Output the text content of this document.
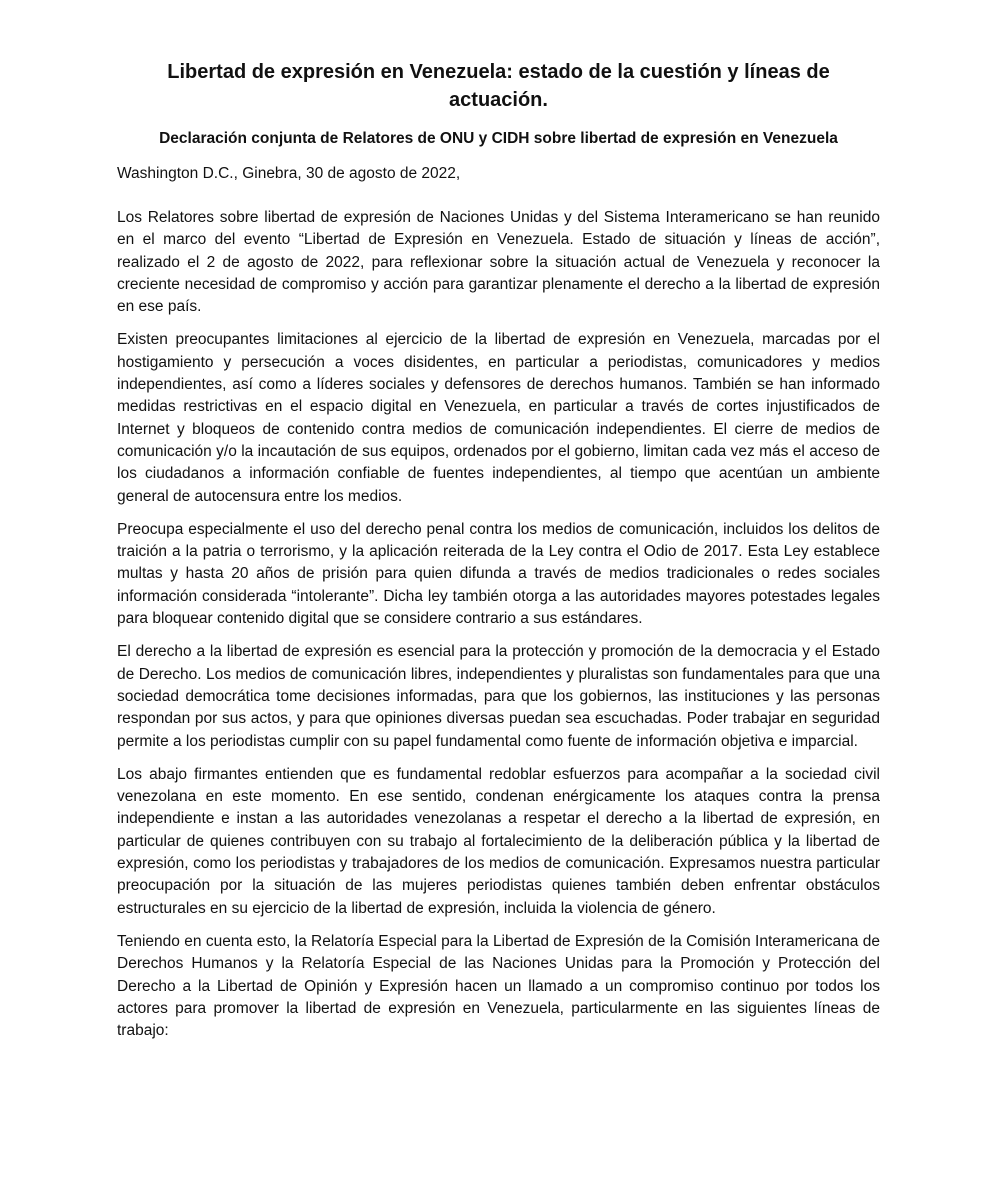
Libertad de expresión en Venezuela: estado de la cuestión y líneas de actuación.
Declaración conjunta de Relatores de ONU y CIDH sobre libertad de expresión en Venezuela

Washington D.C., Ginebra, 30 de agosto de 2022,

Los Relatores sobre libertad de expresión de Naciones Unidas y del Sistema Interamericano se han reunido en el marco del evento “Libertad de Expresión en Venezuela. Estado de situación y líneas de acción”, realizado el 2 de agosto de 2022, para reflexionar sobre la situación actual de Venezuela y reconocer la creciente necesidad de compromiso y acción para garantizar plenamente el derecho a la libertad de expresión en ese país.

Existen preocupantes limitaciones al ejercicio de la libertad de expresión en Venezuela, marcadas por el hostigamiento y persecución a voces disidentes, en particular a periodistas, comunicadores y medios independientes, así como a líderes sociales y defensores de derechos humanos. También se han informado medidas restrictivas en el espacio digital en Venezuela, en particular a través de cortes injustificados de Internet y bloqueos de contenido contra medios de comunicación independientes. El cierre de medios de comunicación y/o la incautación de sus equipos, ordenados por el gobierno, limitan cada vez más el acceso de los ciudadanos a información confiable de fuentes independientes, al tiempo que acentúan un ambiente general de autocensura entre los medios.

Preocupa especialmente el uso del derecho penal contra los medios de comunicación, incluidos los delitos de traición a la patria o terrorismo, y la aplicación reiterada de la Ley contra el Odio de 2017. Esta Ley establece multas y hasta 20 años de prisión para quien difunda a través de medios tradicionales o redes sociales información considerada “intolerante”. Dicha ley también otorga a las autoridades mayores potestades legales para bloquear contenido digital que se considere contrario a sus estándares.

El derecho a la libertad de expresión es esencial para la protección y promoción de la democracia y el Estado de Derecho. Los medios de comunicación libres, independientes y pluralistas son fundamentales para que una sociedad democrática tome decisiones informadas, para que los gobiernos, las instituciones y las personas respondan por sus actos, y para que opiniones diversas puedan sea escuchadas. Poder trabajar en seguridad permite a los periodistas cumplir con su papel fundamental como fuente de información objetiva e imparcial.

Los abajo firmantes entienden que es fundamental redoblar esfuerzos para acompañar a la sociedad civil venezolana en este momento. En ese sentido, condenan enérgicamente los ataques contra la prensa independiente e instan a las autoridades venezolanas a respetar el derecho a la libertad de expresión, en particular de quienes contribuyen con su trabajo al fortalecimiento de la deliberación pública y la libertad de expresión, como los periodistas y trabajadores de los medios de comunicación. Expresamos nuestra particular preocupación por la situación de las mujeres periodistas quienes también deben enfrentar obstáculos estructurales en su ejercicio de la libertad de expresión, incluida la violencia de género.

Teniendo en cuenta esto, la Relatoría Especial para la Libertad de Expresión de la Comisión Interamericana de Derechos Humanos y la Relatoría Especial de las Naciones Unidas para la Promoción y Protección del Derecho a la Libertad de Opinión y Expresión hacen un llamado a un compromiso continuo por todos los actores para promover la libertad de expresión en Venezuela, particularmente en las siguientes líneas de trabajo:
